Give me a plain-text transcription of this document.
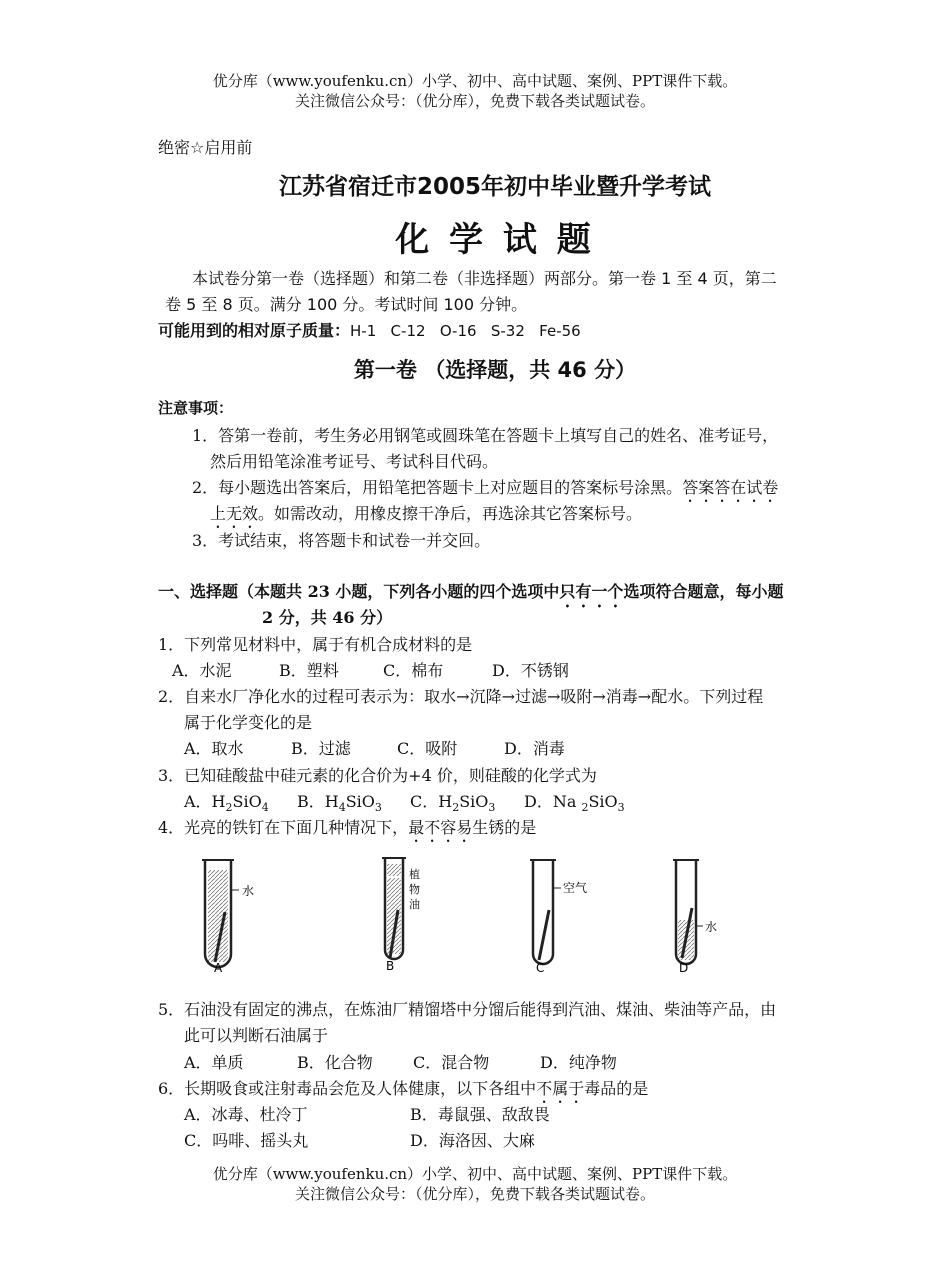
优分库（www.youfenku.cn）小学、初中、高中试题、案例、PPT课件下载。
关注微信公众号：（优分库），免费下载各类试题试卷。
绝密☆启用前
江苏省宿迁市2005年初中毕业暨升学考试
化 学 试 题
本试卷分第一卷（选择题）和第二卷（非选择题）两部分。第一卷 1 至 4 页，第二
卷 5 至 8 页。满分 100 分。考试时间 100 分钟。
可能用到的相对原子质量：H-1   C-12   O-16   S-32   Fe-56
第一卷 （选择题，共 46 分）
注意事项：
1．答第一卷前，考生务必用钢笔或圆珠笔在答题卡上填写自己的姓名、准考证号，
然后用铅笔涂准考证号、考试科目代码。
2．每小题选出答案后，用铅笔把答题卡上对应题目的答案标号涂黑。答案答在试卷
上无效。如需改动，用橡皮擦干净后，再选涂其它答案标号。
3．考试结束，将答题卡和试卷一并交回。
一、选择题（本题共 23 小题，下列各小题的四个选项中只有一个选项符合题意，每小题
2 分，共 46 分）
1．下列常见材料中，属于有机合成材料的是
A．水泥	B．塑料	C．棉布	D．不锈钢
2．自来水厂净化水的过程可表示为：取水→沉降→过滤→吸附→消毒→配水。下列过程
属于化学变化的是
A．取水	B．过滤	C．吸附	D．消毒
3．已知硅酸盐中硅元素的化合价为+4 价，则硅酸的化学式为
A．$H_2SiO_4$ B．$H_4SiO_3$ C．$H_2SiO_3$ D．Na $_2$SiO$_3$
4．光亮的铁钉在下面几种情况下，最不容易生锈的是
水
A
植
物
油
B
空气
C
水
D
5．石油没有固定的沸点，在炼油厂精馏塔中分馏后能得到汽油、煤油、柴油等产品，由
此可以判断石油属于
A．单质	B．化合物	C．混合物	D．纯净物
6．长期吸食或注射毒品会危及人体健康，以下各组中不属于毒品的是
A．冰毒、杜冷丁	B．毒鼠强、敌敌畏
C．吗啡、摇头丸	D．海洛因、大麻
优分库（www.youfenku.cn）小学、初中、高中试题、案例、PPT课件下载。
关注微信公众号：（优分库），免费下载各类试题试卷。
